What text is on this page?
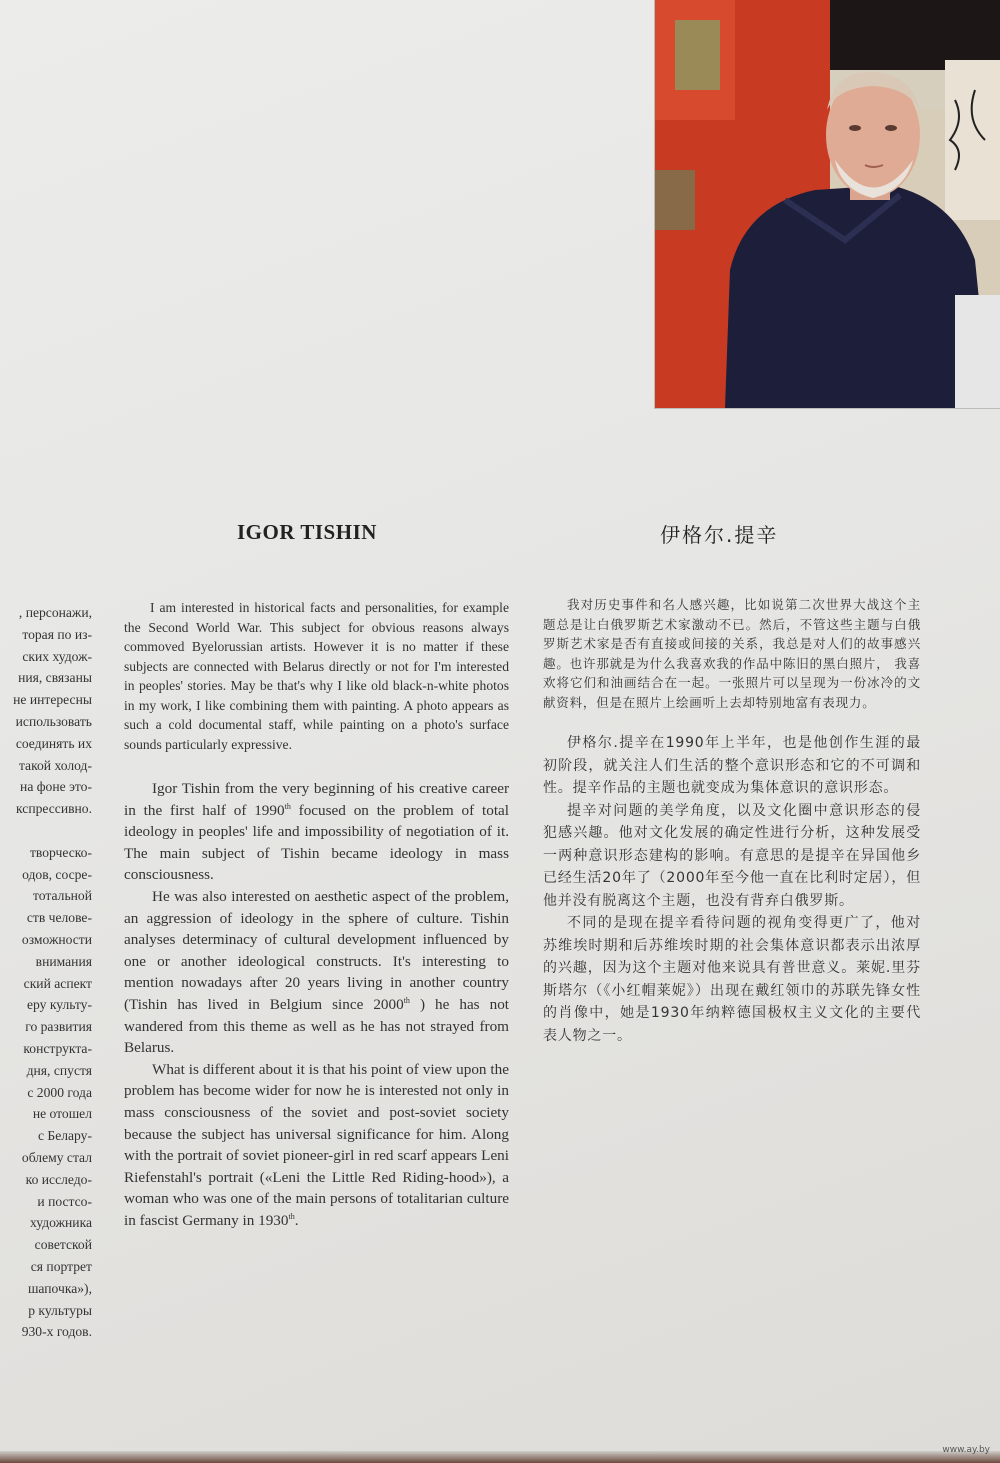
IGOR TISHIN	伊格尔.提辛
, персонажи,
торая по из-
ских худож-
ния, связаны
не интересны
использовать
соединять их
такой холод-
на фоне это-
кспрессивно.
творческо-
одов, сосре-
тотальной
ств челове-
озможности
внимания
ский аспект
еру культу-
го развития
конструкта-
дня, спустя
с 2000 года
не отошел
с Белару-
облему стал
ко исследо-
и постсо-
художника
советской
ся портрет
шапочка»),
р культуры
930-х годов.

I am interested in historical facts and personalities, for example the Second World War. This subject for obvious reasons always commoved Byelorussian artists. However it is no matter if these subjects are connected with Belarus directly or not for I'm interested in peoples' stories. May be that's why I like old black-n-white photos in my work, I like combining them with painting. A photo appears as such a cold documental staff, while painting on a photo's surface sounds particularly expressive.

Igor Tishin from the very beginning of his creative career in the first half of 1990th focused on the problem of total ideology in peoples' life and impossibility of negotiation of it. The main subject of Tishin became ideology in mass consciousness.

He was also interested on aesthetic aspect of the problem, an aggression of ideology in the sphere of culture. Tishin analyses determinacy of cultural development influenced by one or another ideological constructs. It's interesting to mention nowadays after 20 years living in another country (Tishin has lived in Belgium since 2000th ) he has not wandered from this theme as well as he has not strayed from Belarus.

What is different about it is that his point of view upon the problem has become wider for now he is interested not only in mass consciousness of the soviet and post-soviet society because the subject has universal significance for him. Along with the portrait of soviet pioneer-girl in red scarf appears Leni Riefenstahl's portrait («Leni the Little Red Riding-hood»), a woman who was one of the main persons of totalitarian culture in fascist Germany in 1930th.

我对历史事件和名人感兴趣，比如说第二次世界大战这个主题总是让白俄罗斯艺术家激动不已。然后，不管这些主题与白俄罗斯艺术家是否有直接或间接的关系，我总是对人们的故事感兴趣。也许那就是为什么我喜欢我的作品中陈旧的黑白照片， 我喜欢将它们和油画结合在一起。一张照片可以呈现为一份冰冷的文献资料，但是在照片上绘画听上去却特别地富有表现力。

伊格尔.提辛在1990年上半年，也是他创作生涯的最初阶段，就关注人们生活的整个意识形态和它的不可调和性。提辛作品的主题也就变成为集体意识的意识形态。

提辛对问题的美学角度，以及文化圈中意识形态的侵犯感兴趣。他对文化发展的确定性进行分析，这种发展受一两种意识形态建构的影响。有意思的是提辛在异国他乡已经生活20年了（2000年至今他一直在比利时定居），但他并没有脱离这个主题，也没有背弃白俄罗斯。

不同的是现在提辛看待问题的视角变得更广了，他对苏维埃时期和后苏维埃时期的社会集体意识都表示出浓厚的兴趣，因为这个主题对他来说具有普世意义。莱妮.里芬斯塔尔（《小红帽莱妮》）出现在戴红领巾的苏联先锋女性的肖像中，她是1930年纳粹德国极权主义文化的主要代表人物之一。

www.ay.by
